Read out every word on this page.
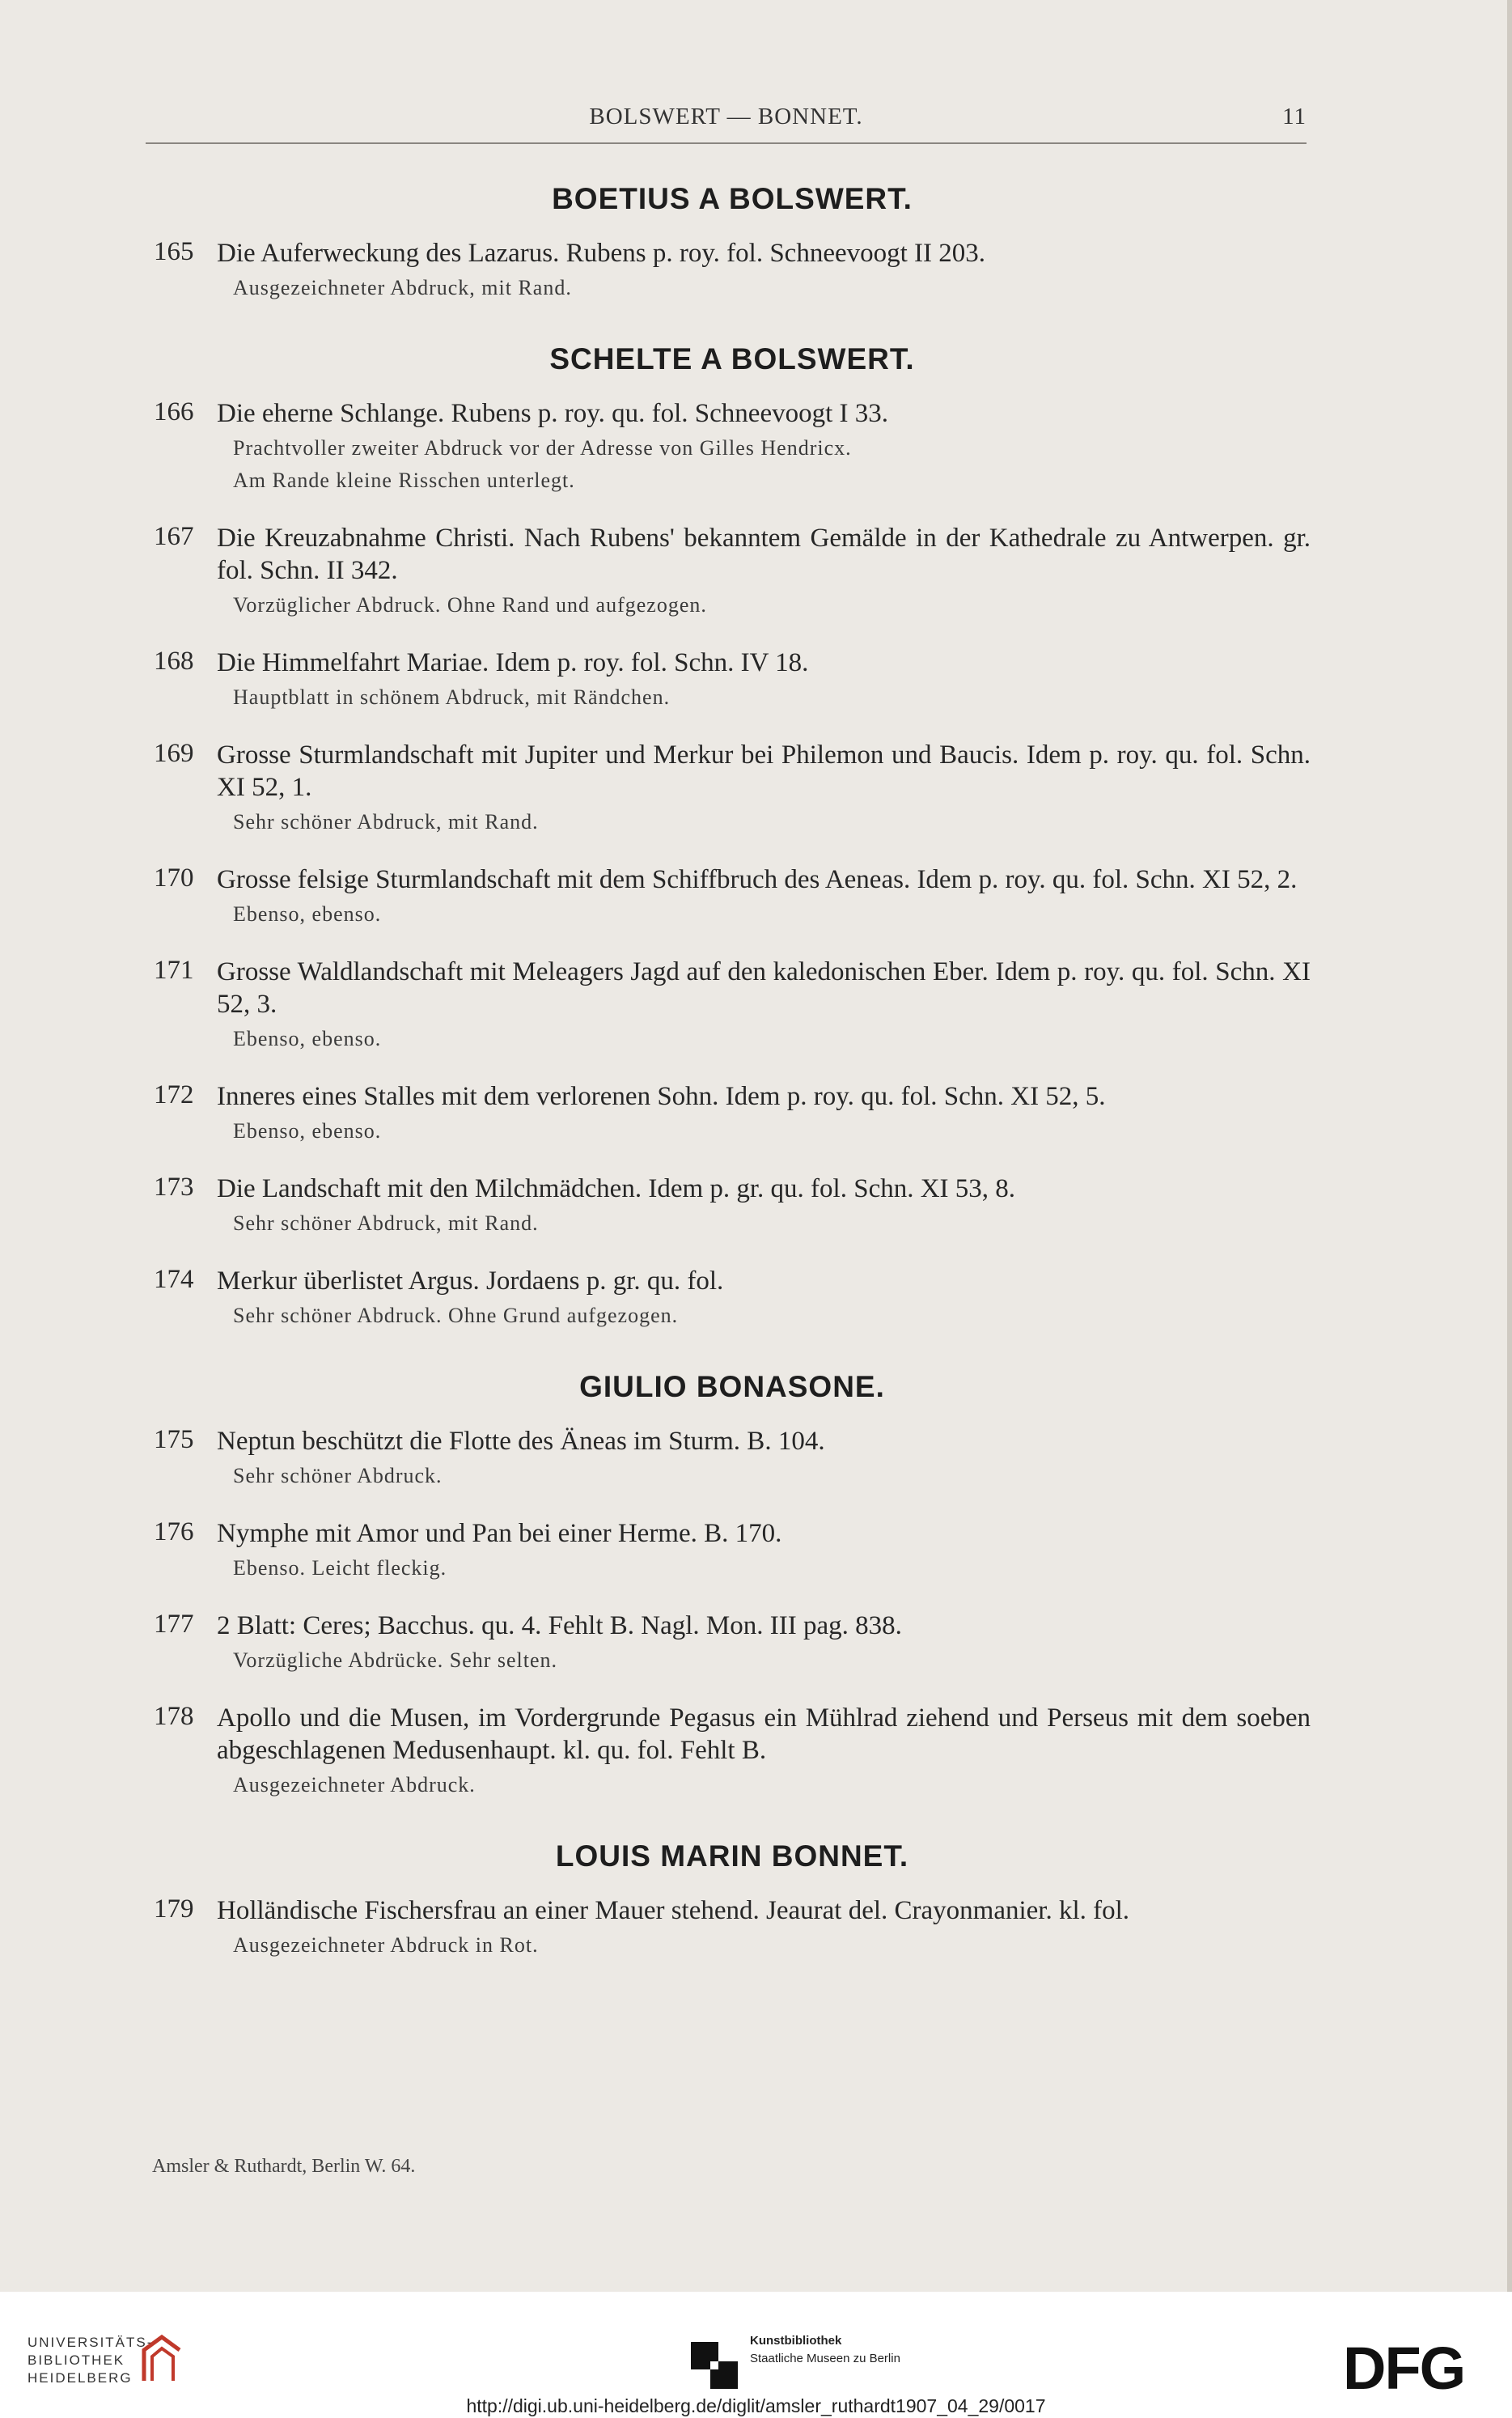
BOLSWERT — BONNET.	11
BOETIUS A BOLSWERT.
165 Die Auferweckung des Lazarus. Rubens p. roy. fol. Schneevoogt II 203.
Ausgezeichneter Abdruck, mit Rand.
SCHELTE A BOLSWERT.
166 Die eherne Schlange. Rubens p. roy. qu. fol. Schneevoogt I 33.
Prachtvoller zweiter Abdruck vor der Adresse von Gilles Hendricx.
Am Rande kleine Risschen unterlegt.
167 Die Kreuzabnahme Christi. Nach Rubens' bekanntem Gemälde in der Kathedrale zu Antwerpen. gr. fol. Schn. II 342.
Vorzüglicher Abdruck. Ohne Rand und aufgezogen.
168 Die Himmelfahrt Mariae. Idem p. roy. fol. Schn. IV 18.
Hauptblatt in schönem Abdruck, mit Rändchen.
169 Grosse Sturmlandschaft mit Jupiter und Merkur bei Philemon und Baucis. Idem p. roy. qu. fol. Schn. XI 52, 1.
Sehr schöner Abdruck, mit Rand.
170 Grosse felsige Sturmlandschaft mit dem Schiffbruch des Aeneas. Idem p. roy. qu. fol. Schn. XI 52, 2.
Ebenso, ebenso.
171 Grosse Waldlandschaft mit Meleagers Jagd auf den kaledonischen Eber. Idem p. roy. qu. fol. Schn. XI 52, 3.
Ebenso, ebenso.
172 Inneres eines Stalles mit dem verlorenen Sohn. Idem p. roy. qu. fol. Schn. XI 52, 5.
Ebenso, ebenso.
173 Die Landschaft mit den Milchmädchen. Idem p. gr. qu. fol. Schn. XI 53, 8.
Sehr schöner Abdruck, mit Rand.
174 Merkur überlistet Argus. Jordaens p. gr. qu. fol.
Sehr schöner Abdruck. Ohne Grund aufgezogen.
GIULIO BONASONE.
175 Neptun beschützt die Flotte des Äneas im Sturm. B. 104.
Sehr schöner Abdruck.
176 Nymphe mit Amor und Pan bei einer Herme. B. 170.
Ebenso. Leicht fleckig.
177 2 Blatt: Ceres; Bacchus. qu. 4. Fehlt B. Nagl. Mon. III pag. 838.
Vorzügliche Abdrücke. Sehr selten.
178 Apollo und die Musen, im Vordergrunde Pegasus ein Mühlrad ziehend und Perseus mit dem soeben abgeschlagenen Medusenhaupt. kl. qu. fol. Fehlt B.
Ausgezeichneter Abdruck.
LOUIS MARIN BONNET.
179 Holländische Fischersfrau an einer Mauer stehend. Jeaurat del. Crayonmanier. kl. fol.
Ausgezeichneter Abdruck in Rot.
Amsler & Ruthardt, Berlin W. 64.
UNIVERSITÄTS-
BIBLIOTHEK
HEIDELBERG
Kunstbibliothek
Staatliche Museen zu Berlin	DFG
http://digi.ub.uni-heidelberg.de/diglit/amsler_ruthardt1907_04_29/0017
